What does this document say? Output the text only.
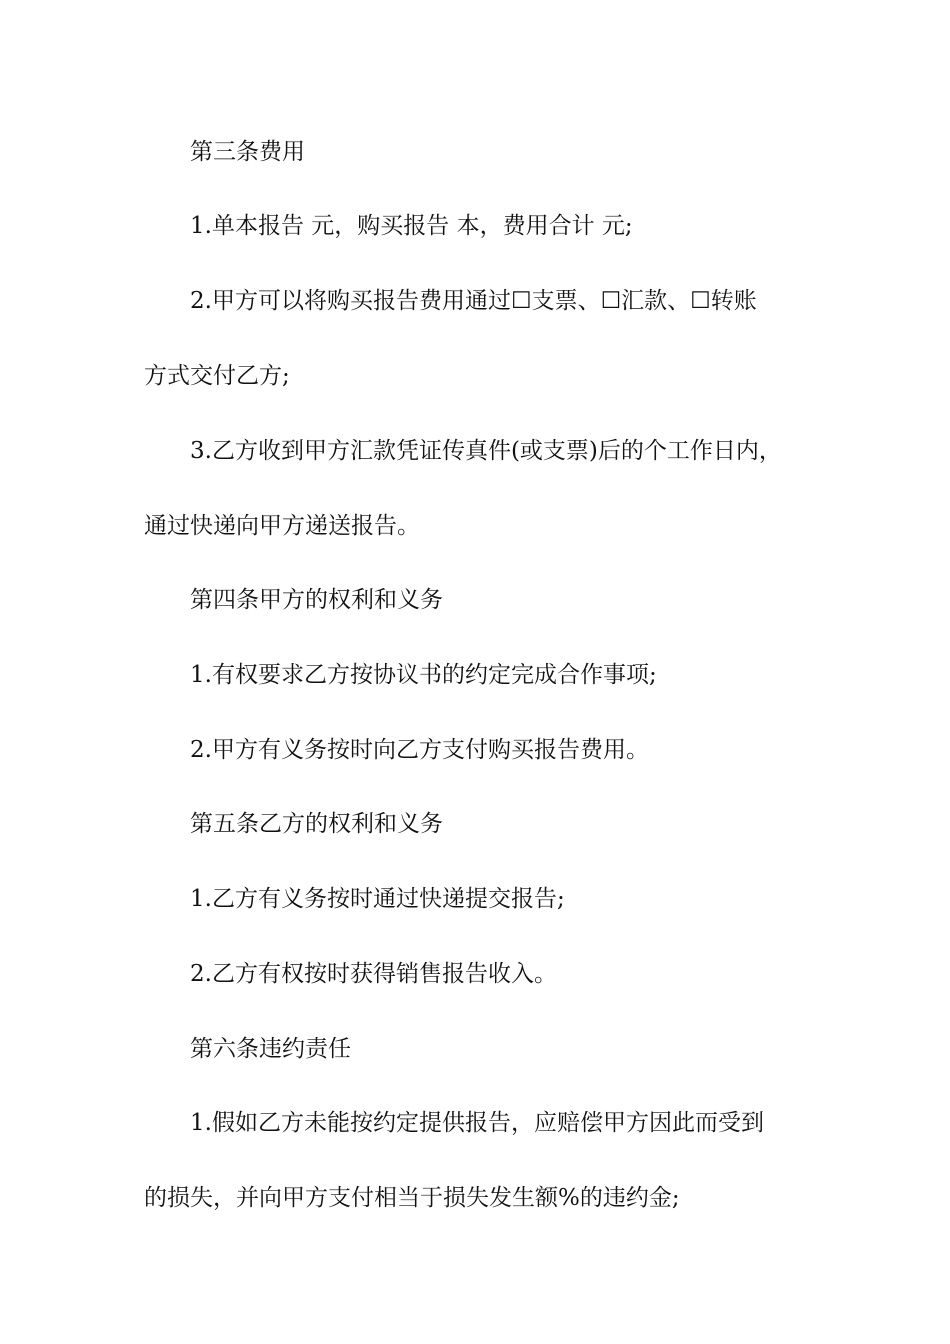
第三条费用
1.单本报告 元，购买报告 本，费用合计 元;
2.甲方可以将购买报告费用通过☐支票、☐汇款、☐转账
方式交付乙方;
3.乙方收到甲方汇款凭证传真件(或支票)后的个工作日内，
通过快递向甲方递送报告。
第四条甲方的权利和义务
1.有权要求乙方按协议书的约定完成合作事项;
2.甲方有义务按时向乙方支付购买报告费用。
第五条乙方的权利和义务
1.乙方有义务按时通过快递提交报告;
2.乙方有权按时获得销售报告收入。
第六条违约责任
1.假如乙方未能按约定提供报告，应赔偿甲方因此而受到
的损失，并向甲方支付相当于损失发生额%的违约金;
